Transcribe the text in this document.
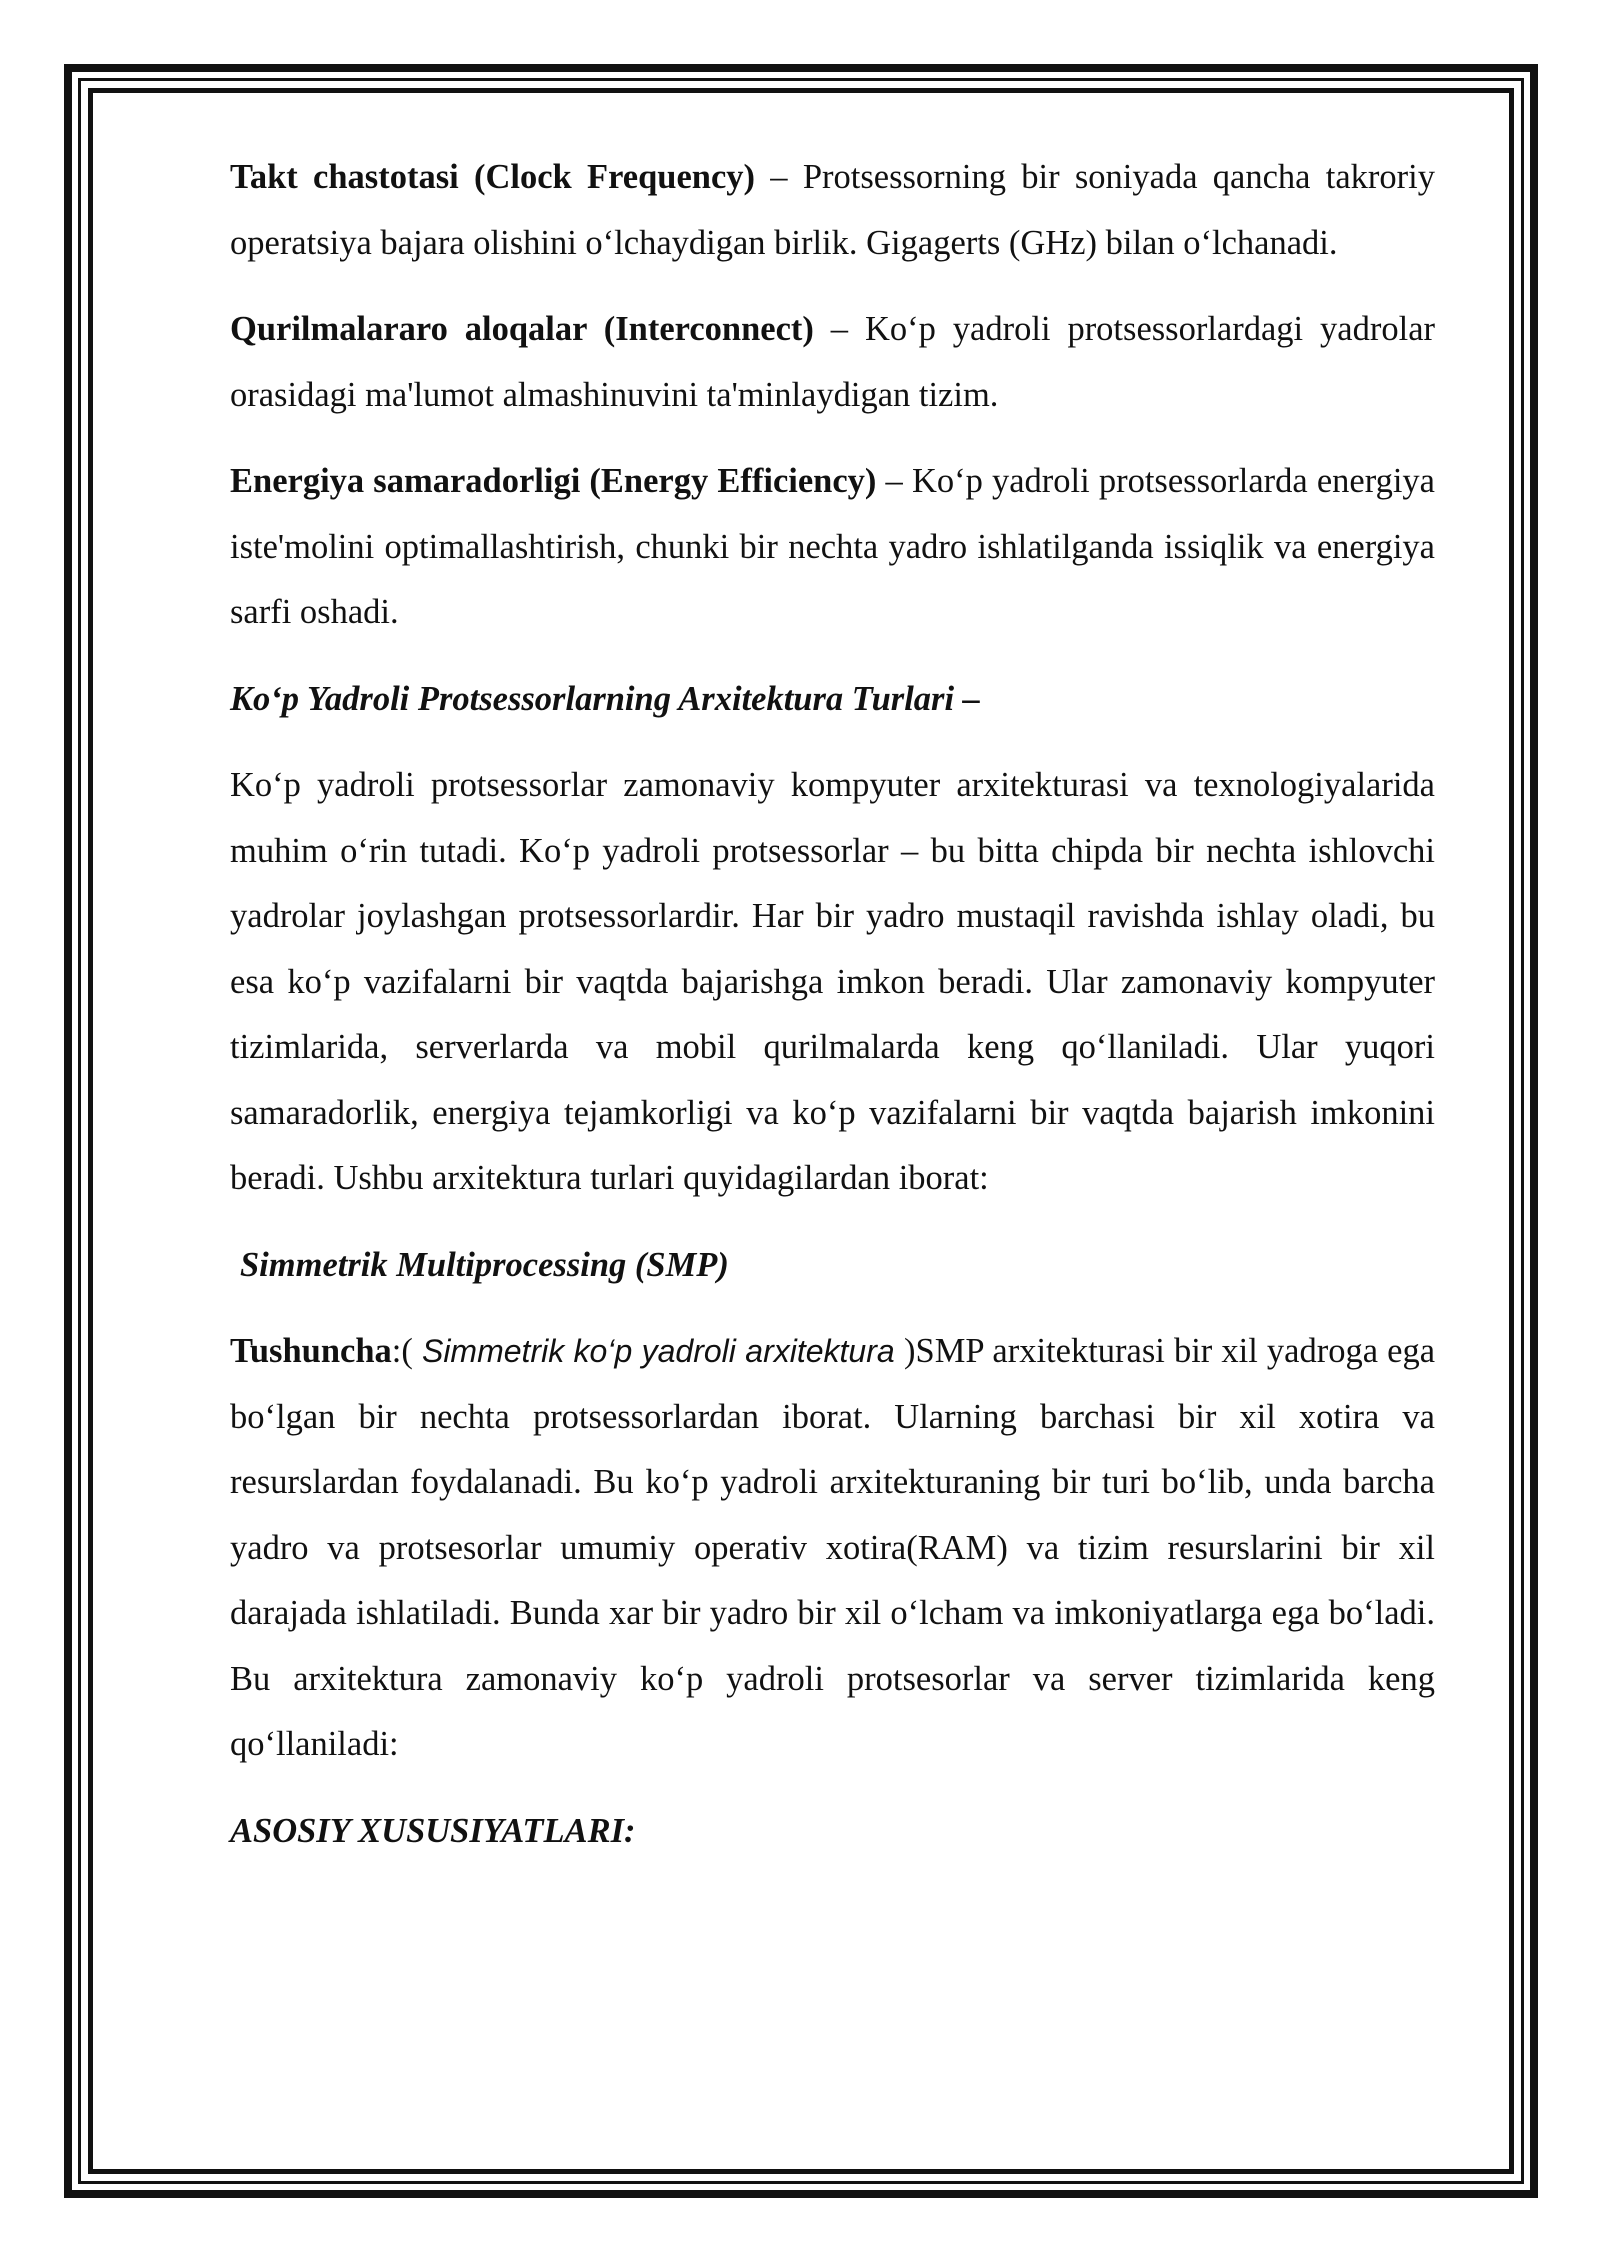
Takt chastotasi (Clock Frequency) – Protsessorning bir soniyada qancha takroriy operatsiya bajara olishini o‘lchaydigan birlik. Gigagerts (GHz) bilan o‘lchanadi.

Qurilmalararo aloqalar (Interconnect) – Ko‘p yadroli protsessorlardagi yadrolar orasidagi ma'lumot almashinuvini ta'minlaydigan tizim.

Energiya samaradorligi (Energy Efficiency) – Ko‘p yadroli protsessorlarda energiya iste'molini optimallashtirish, chunki bir nechta yadro ishlatilganda issiqlik va energiya sarfi oshadi.

Ko‘p Yadroli Protsessorlarning Arxitektura Turlari –

Ko‘p yadroli protsessorlar zamonaviy kompyuter arxitekturasi va texnologiyalarida muhim o‘rin tutadi. Ko‘p yadroli protsessorlar – bu bitta chipda bir nechta ishlovchi yadrolar joylashgan protsessorlardir. Har bir yadro mustaqil ravishda ishlay oladi, bu esa ko‘p vazifalarni bir vaqtda bajarishga imkon beradi. Ular zamonaviy kompyuter tizimlarida, serverlarda va mobil qurilmalarda keng qo‘llaniladi. Ular yuqori samaradorlik, energiya tejamkorligi va ko‘p vazifalarni bir vaqtda bajarish imkonini beradi. Ushbu arxitektura turlari quyidagilardan iborat:

Simmetrik Multiprocessing (SMP)

Tushuncha:( Simmetrik ko‘p yadroli arxitektura )SMP arxitekturasi bir xil yadroga ega bo‘lgan bir nechta protsessorlardan iborat. Ularning barchasi bir xil xotira va resurslardan foydalanadi. Bu ko‘p yadroli arxitekturaning bir turi bo‘lib, unda barcha yadro va protsesorlar umumiy operativ xotira(RAM) va tizim resurslarini bir xil darajada ishlatiladi. Bunda xar bir yadro bir xil o‘lcham va imkoniyatlarga ega bo‘ladi. Bu arxitektura zamonaviy ko‘p yadroli protsesorlar va server tizimlarida keng qo‘llaniladi:

ASOSIY XUSUSIYATLARI:
